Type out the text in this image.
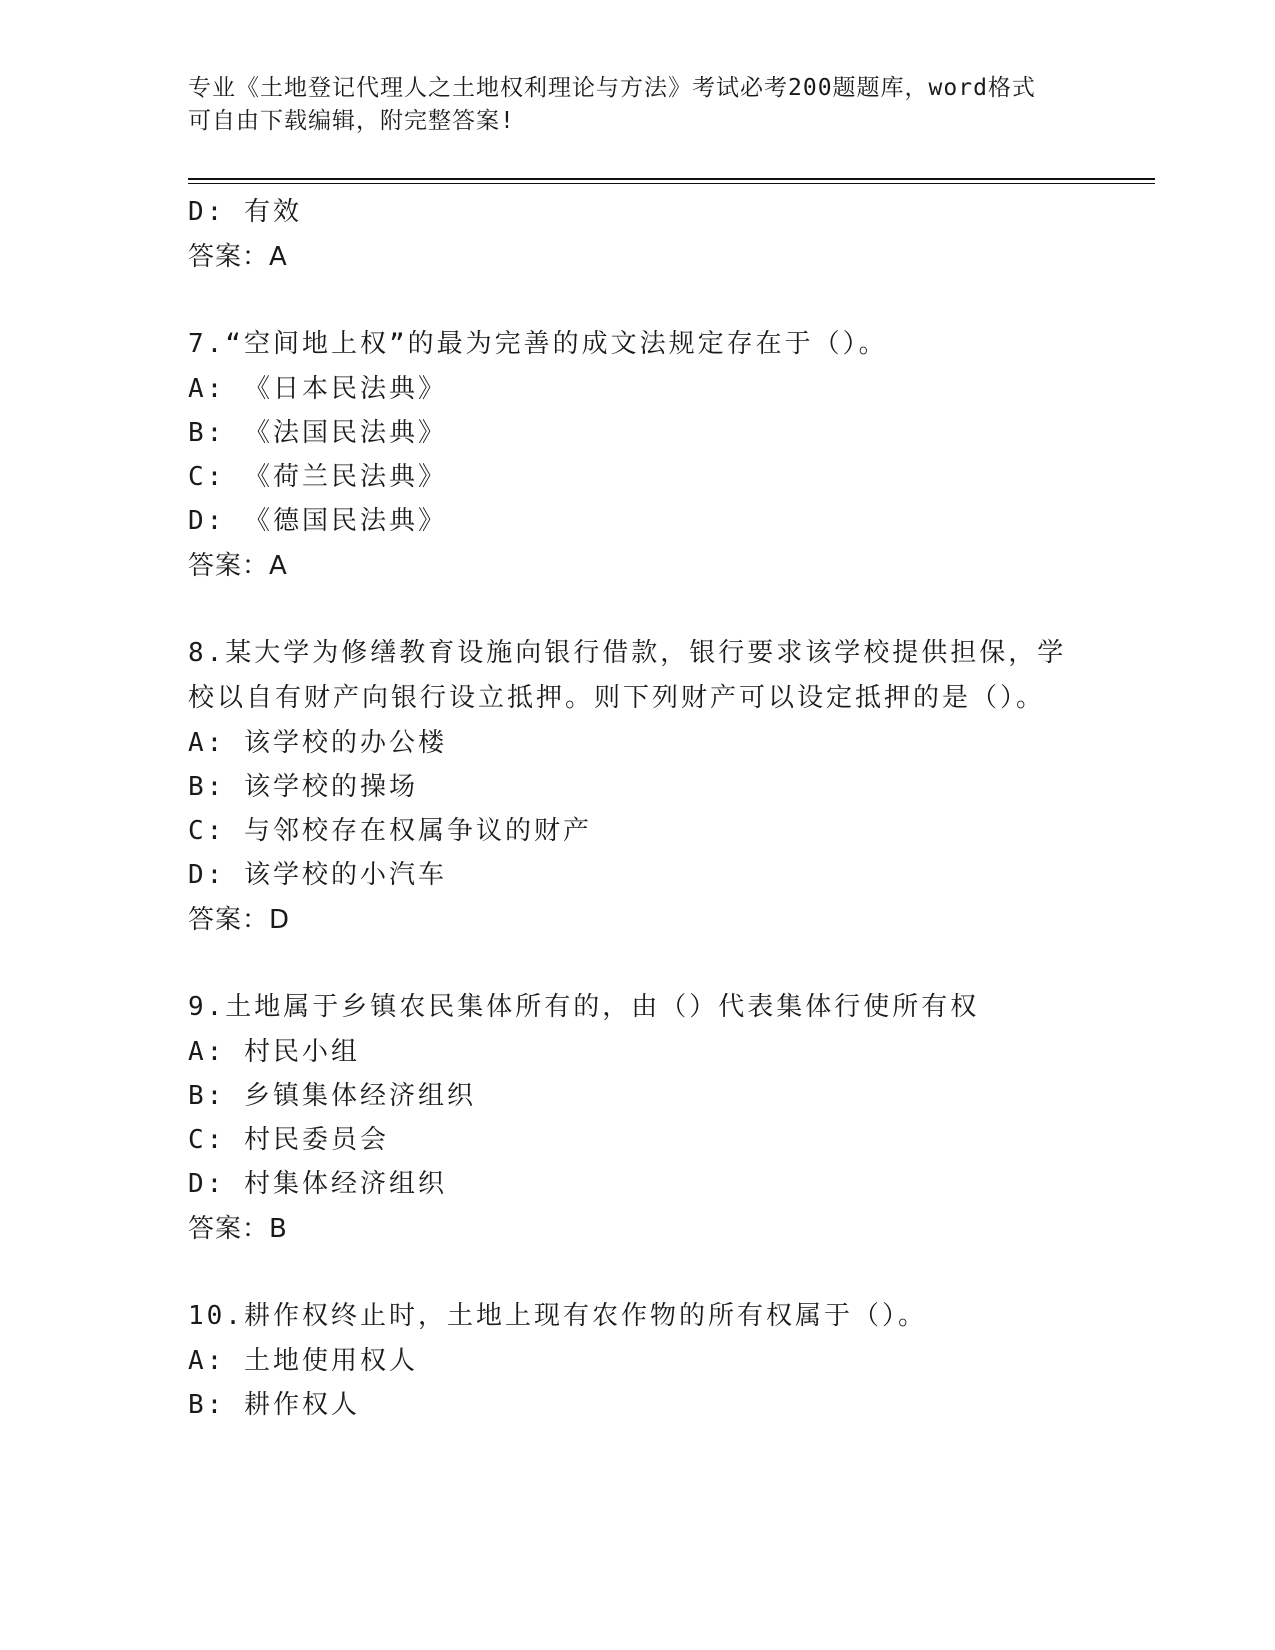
专业《土地登记代理人之土地权利理论与方法》考试必考200题题库，word格式
可自由下载编辑，附完整答案!
D: 有效
答案：A
7.“空间地上权”的最为完善的成文法规定存在于（）。
A: 《日本民法典》
B: 《法国民法典》
C: 《荷兰民法典》
D: 《德国民法典》
答案：A
8.某大学为修缮教育设施向银行借款，银行要求该学校提供担保，学
校以自有财产向银行设立抵押。则下列财产可以设定抵押的是（）。
A: 该学校的办公楼
B: 该学校的操场
C: 与邻校存在权属争议的财产
D: 该学校的小汽车
答案：D
9.土地属于乡镇农民集体所有的，由（）代表集体行使所有权
A: 村民小组
B: 乡镇集体经济组织
C: 村民委员会
D: 村集体经济组织
答案：B
10.耕作权终止时，土地上现有农作物的所有权属于（）。
A: 土地使用权人
B: 耕作权人
